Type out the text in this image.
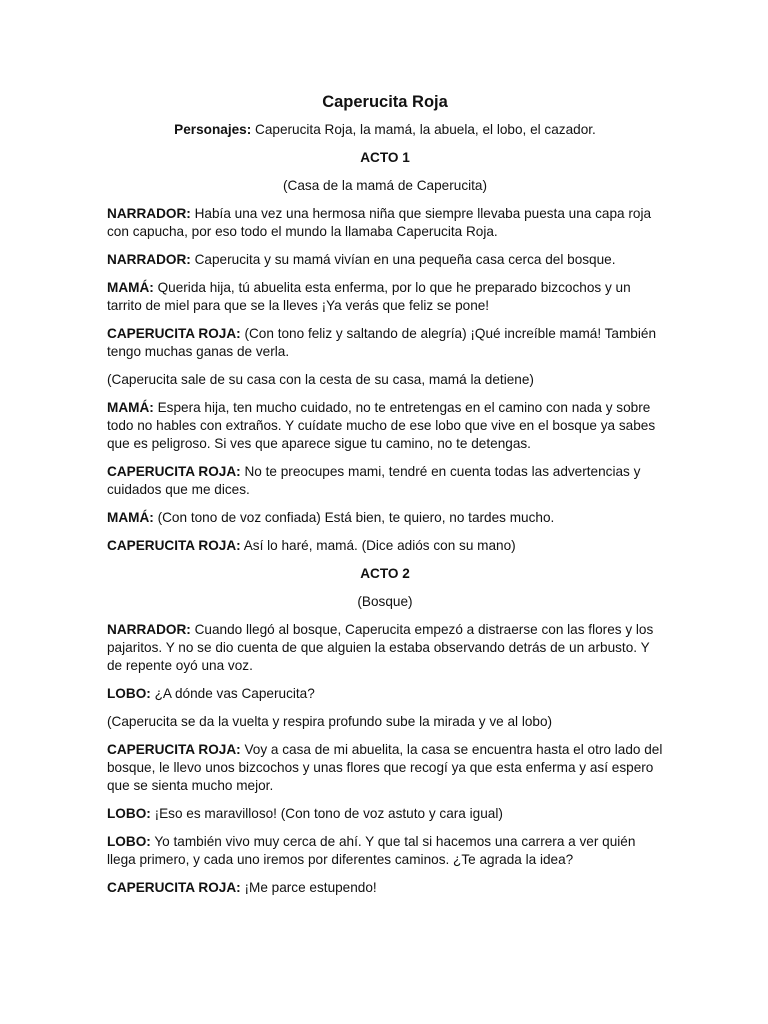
Caperucita Roja

Personajes: Caperucita Roja, la mamá, la abuela, el lobo, el cazador.

ACTO 1

(Casa de la mamá de Caperucita)

NARRADOR: Había una vez una hermosa niña que siempre llevaba puesta una capa roja con capucha, por eso todo el mundo la llamaba Caperucita Roja.

NARRADOR: Caperucita y su mamá vivían en una pequeña casa cerca del bosque.

MAMÁ: Querida hija, tú abuelita esta enferma, por lo que he preparado bizcochos y un tarrito de miel para que se la lleves ¡Ya verás que feliz se pone!

CAPERUCITA ROJA: (Con tono feliz y saltando de alegría) ¡Qué increíble mamá! También tengo muchas ganas de verla.

(Caperucita sale de su casa con la cesta de su casa, mamá la detiene)

MAMÁ: Espera hija, ten mucho cuidado, no te entretengas en el camino con nada y sobre todo no hables con extraños. Y cuídate mucho de ese lobo que vive en el bosque ya sabes que es peligroso. Si ves que aparece sigue tu camino, no te detengas.

CAPERUCITA ROJA: No te preocupes mami, tendré en cuenta todas las advertencias y cuidados que me dices.

MAMÁ: (Con tono de voz confiada) Está bien, te quiero, no tardes mucho.

CAPERUCITA ROJA: Así lo haré, mamá. (Dice adiós con su mano)

ACTO 2

(Bosque)

NARRADOR: Cuando llegó al bosque, Caperucita empezó a distraerse con las flores y los pajaritos. Y no se dio cuenta de que alguien la estaba observando detrás de un arbusto. Y de repente oyó una voz.

LOBO: ¿A dónde vas Caperucita?

(Caperucita se da la vuelta y respira profundo sube la mirada y ve al lobo)

CAPERUCITA ROJA: Voy a casa de mi abuelita, la casa se encuentra hasta el otro lado del bosque, le llevo unos bizcochos y unas flores que recogí ya que esta enferma y así espero que se sienta mucho mejor.

LOBO: ¡Eso es maravilloso! (Con tono de voz astuto y cara igual)

LOBO: Yo también vivo muy cerca de ahí. Y que tal si hacemos una carrera a ver quién llega primero, y cada uno iremos por diferentes caminos. ¿Te agrada la idea?

CAPERUCITA ROJA: ¡Me parce estupendo!
